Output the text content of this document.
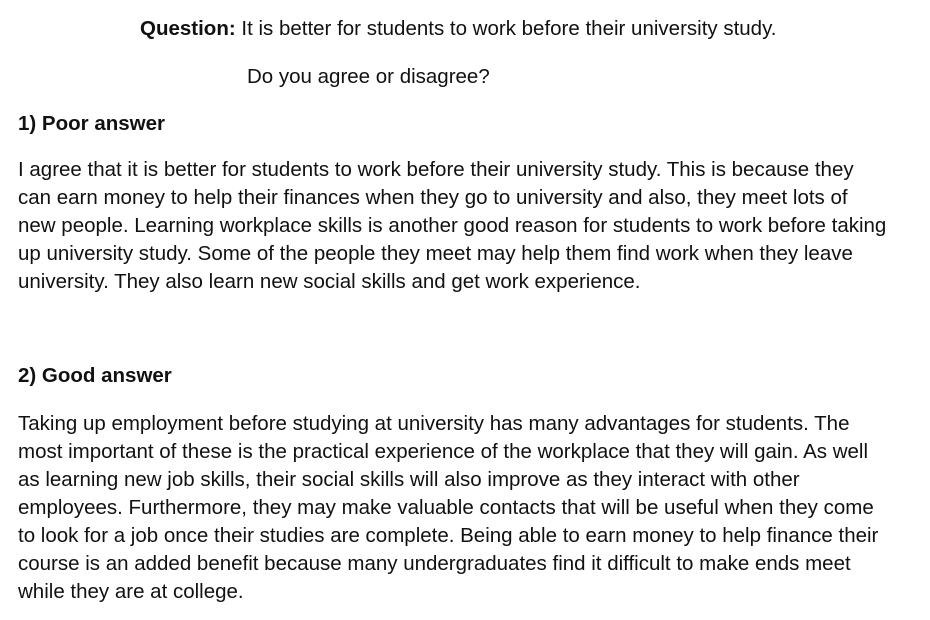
Question: It is better for students to work before their university study.
Do you agree or disagree?
1) Poor answer
I agree that it is better for students to work before their university study. This is because they
can earn money to help their finances when they go to university and also, they meet lots of
new people. Learning workplace skills is another good reason for students to work before taking
up university study. Some of the people they meet may help them find work when they leave
university. They also learn new social skills and get work experience.
2) Good answer
Taking up employment before studying at university has many advantages for students. The
most important of these is the practical experience of the workplace that they will gain. As well
as learning new job skills, their social skills will also improve as they interact with other
employees. Furthermore, they may make valuable contacts that will be useful when they come
to look for a job once their studies are complete. Being able to earn money to help finance their
course is an added benefit because many undergraduates find it difficult to make ends meet
while they are at college.
